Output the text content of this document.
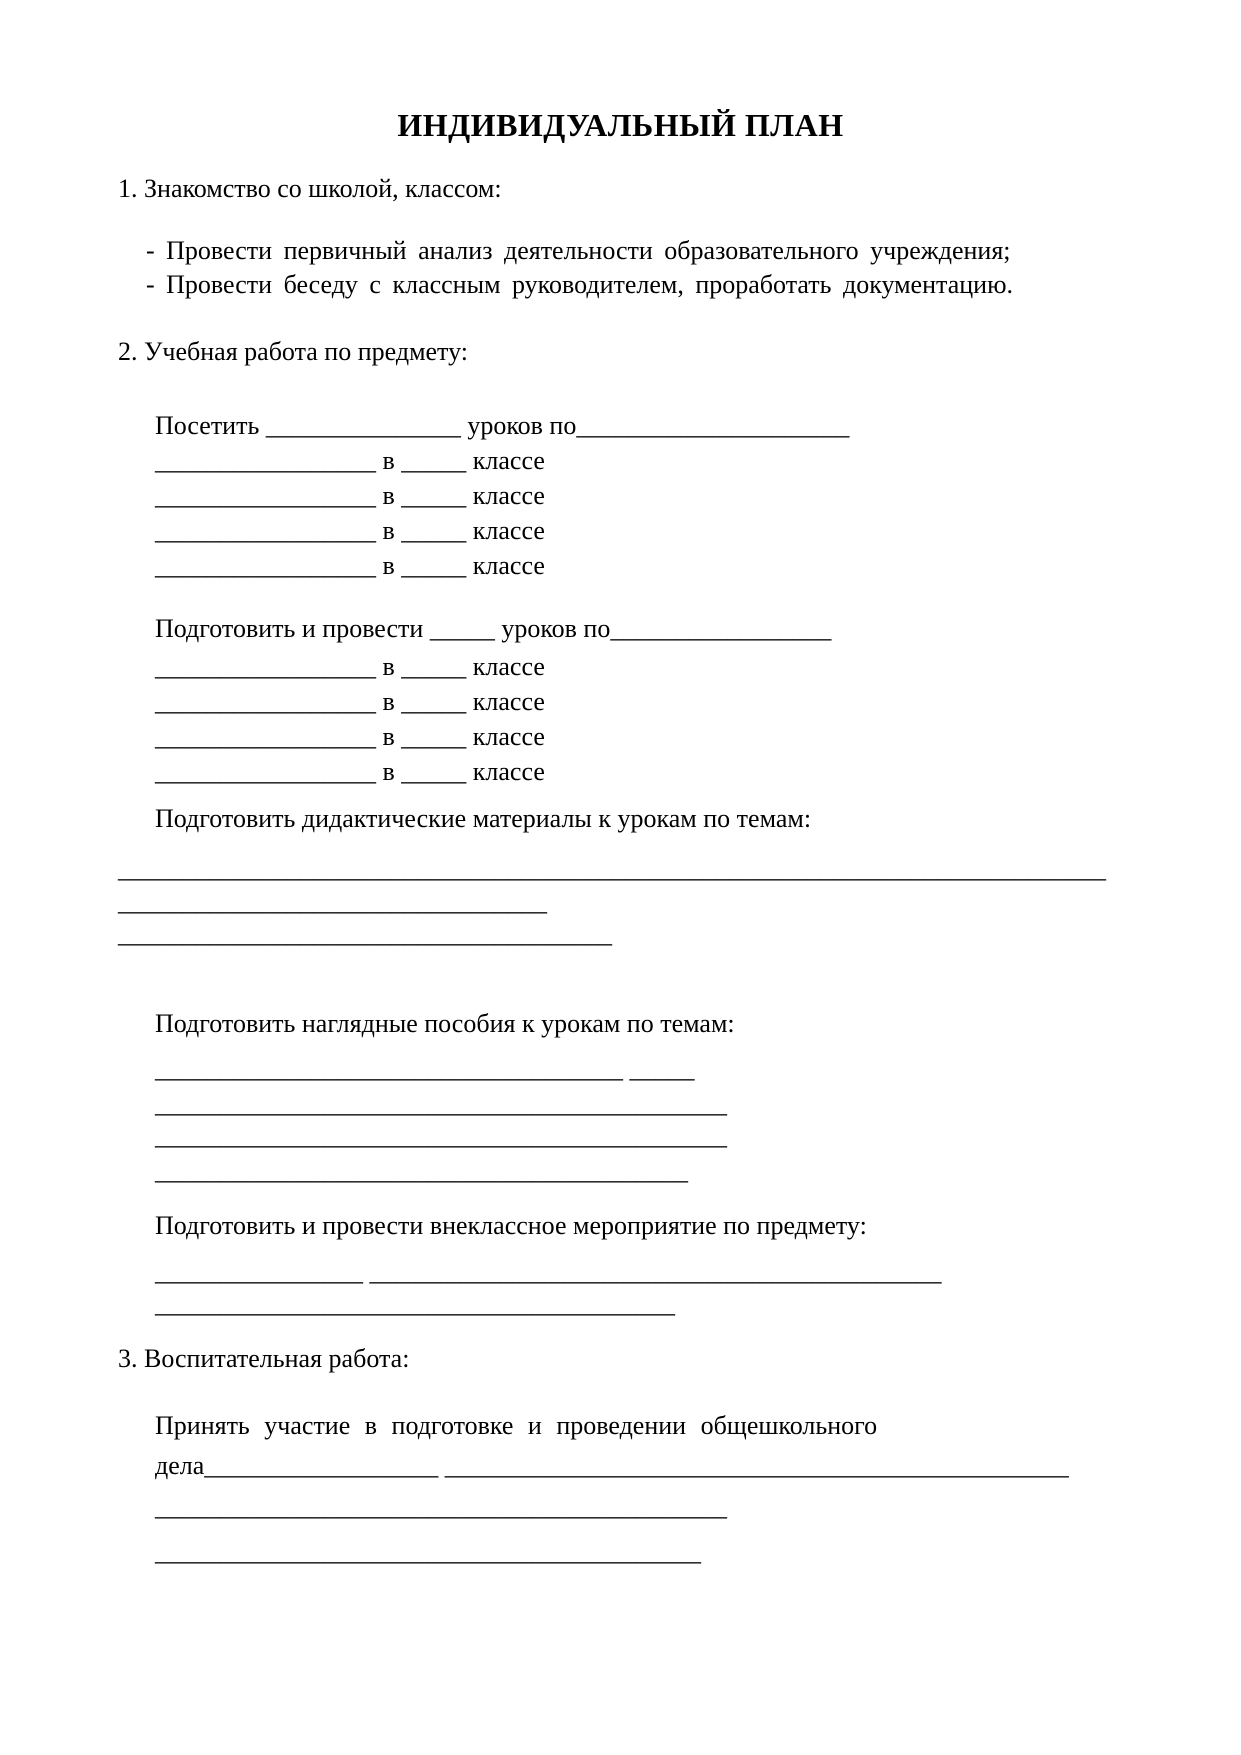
ИНДИВИДУАЛЬНЫЙ ПЛАН
1. Знакомство со школой, классом:
- Провести первичный анализ деятельности образовательного учреждения;
- Провести беседу с классным руководителем, проработать документацию.
2. Учебная работа по предмету:
Посетить _______________ уроков по_____________________
_________________ в _____ классе
_________________ в _____ классе
_________________ в _____ классе
_________________ в _____ классе
Подготовить и провести _____ уроков по_________________
_________________ в _____ классе
_________________ в _____ классе
_________________ в _____ классе
_________________ в _____ классе
Подготовить дидактические материалы к урокам по темам:
____________________________________________________________________________
_________________________________
______________________________________
Подготовить наглядные пособия к урокам по темам:
____________________________________ _____
____________________________________________
____________________________________________
_________________________________________
Подготовить и провести внеклассное мероприятие по предмету:
________________ ____________________________________________
________________________________________
3. Воспитательная работа:
Принять участие в подготовке и проведении общешкольного
дела__________________ ________________________________________________
____________________________________________
__________________________________________
